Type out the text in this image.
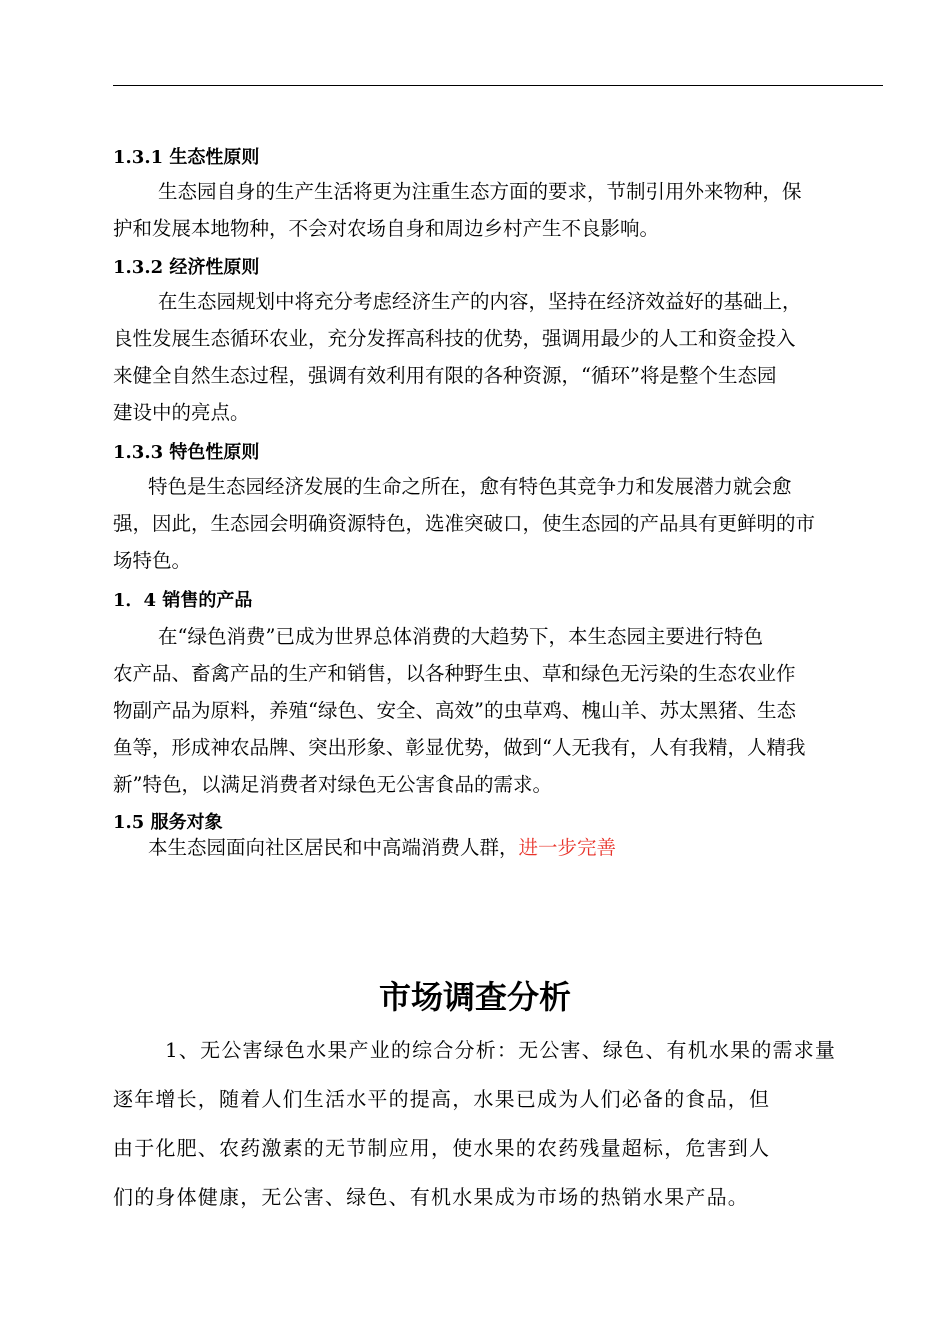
1.3.1 生态性原则
生态园自身的生产生活将更为注重生态方面的要求，节制引用外来物种，保
护和发展本地物种，不会对农场自身和周边乡村产生不良影响。
1.3.2 经济性原则
在生态园规划中将充分考虑经济生产的内容，坚持在经济效益好的基础上，
良性发展生态循环农业，充分发挥高科技的优势，强调用最少的人工和资金投入
来健全自然生态过程，强调有效利用有限的各种资源，“循环”将是整个生态园
建设中的亮点。
1.3.3 特色性原则
特色是生态园经济发展的生命之所在，愈有特色其竞争力和发展潜力就会愈
强，因此，生态园会明确资源特色，选准突破口，使生态园的产品具有更鲜明的市
场特色。
1．4 销售的产品
在“绿色消费”已成为世界总体消费的大趋势下，本生态园主要进行特色
农产品、畜禽产品的生产和销售，以各种野生虫、草和绿色无污染的生态农业作
物副产品为原料，养殖“绿色、安全、高效”的虫草鸡、槐山羊、苏太黑猪、生态
鱼等，形成神农品牌、突出形象、彰显优势，做到“人无我有，人有我精，人精我
新”特色，以满足消费者对绿色无公害食品的需求。
1.5 服务对象
本生态园面向社区居民和中高端消费人群，进一步完善
市场调查分析
1、无公害绿色水果产业的综合分析：无公害、绿色、有机水果的需求量
逐年增长，随着人们生活水平的提高，水果已成为人们必备的食品，但
由于化肥、农药激素的无节制应用，使水果的农药残量超标，危害到人
们的身体健康，无公害、绿色、有机水果成为市场的热销水果产品。
